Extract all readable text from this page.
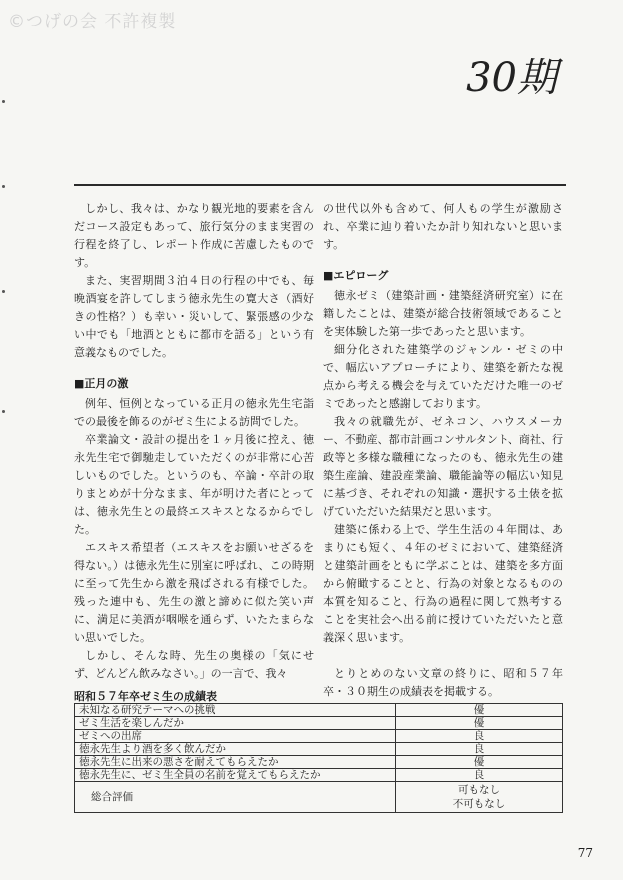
©つげの会 不許複製
30期

しかし、我々は、かなり観光地的要素を含んだコース設定もあって、旅行気分のまま実習の行程を終了し、レポート作成に苦慮したものです。

また、実習期間３泊４日の行程の中でも、毎晩酒宴を許してしまう徳永先生の寛大さ（酒好きの性格？）も幸い・災いして、緊張感の少ない中でも「地酒とともに都市を語る」という有意義なものでした。

■正月の激

例年、恒例となっている正月の徳永先生宅詣での最後を飾るのがゼミ生による訪問でした。

卒業論文・設計の提出を１ヶ月後に控え、徳永先生宅で御馳走していただくのが非常に心苦しいものでした。というのも、卒論・卒計の取りまとめが十分なまま、年が明けた者にとっては、徳永先生との最終エスキスとなるからでした。

エスキス希望者（エスキスをお願いせざるを得ない。）は徳永先生に別室に呼ばれ、この時期に至って先生から激を飛ばされる有様でした。残った連中も、先生の激と諦めに似た笑い声に、満足に美酒が咽喉を通らず、いたたまらない思いでした。

しかし、そんな時、先生の奥様の「気にせず、どんどん飲みなさい。」の一言で、我々

の世代以外も含めて、何人もの学生が激励され、卒業に辿り着いたか計り知れないと思います。

■エピローグ

徳永ゼミ（建築計画・建築経済研究室）に在籍したことは、建築が総合技術領域であることを実体験した第一歩であったと思います。

細分化された建築学のジャンル・ゼミの中で、幅広いアプローチにより、建築を新たな視点から考える機会を与えていただけた唯一のゼミであったと感謝しております。

我々の就職先が、ゼネコン、ハウスメーカー、不動産、都市計画コンサルタント、商社、行政等と多様な職種になったのも、徳永先生の建築生産論、建設産業論、職能論等の幅広い知見に基づき、それぞれの知識・選択する土俵を拡げていただいた結果だと思います。

建築に係わる上で、学生生活の４年間は、あまりにも短く、４年のゼミにおいて、建築経済と建築計画をともに学ぶことは、建築を多方面から俯瞰することと、行為の対象となるものの本質を知ること、行為の過程に関して熟考することを実社会へ出る前に授けていただいたと意義深く思います。

とりとめのない文章の終りに、昭和５７年卒・３０期生の成績表を掲載する。

昭和５７年卒ゼミ生の成績表
未知なる研究テーマへの挑戦	優
ゼミ生活を楽しんだか	優
ゼミへの出席	良
徳永先生より酒を多く飲んだか	良
徳永先生に出来の悪さを耐えてもらえたか	優
徳永先生に、ゼミ生全員の名前を覚えてもらえたか	良
総合評価	可もなし
不可もなし
77
